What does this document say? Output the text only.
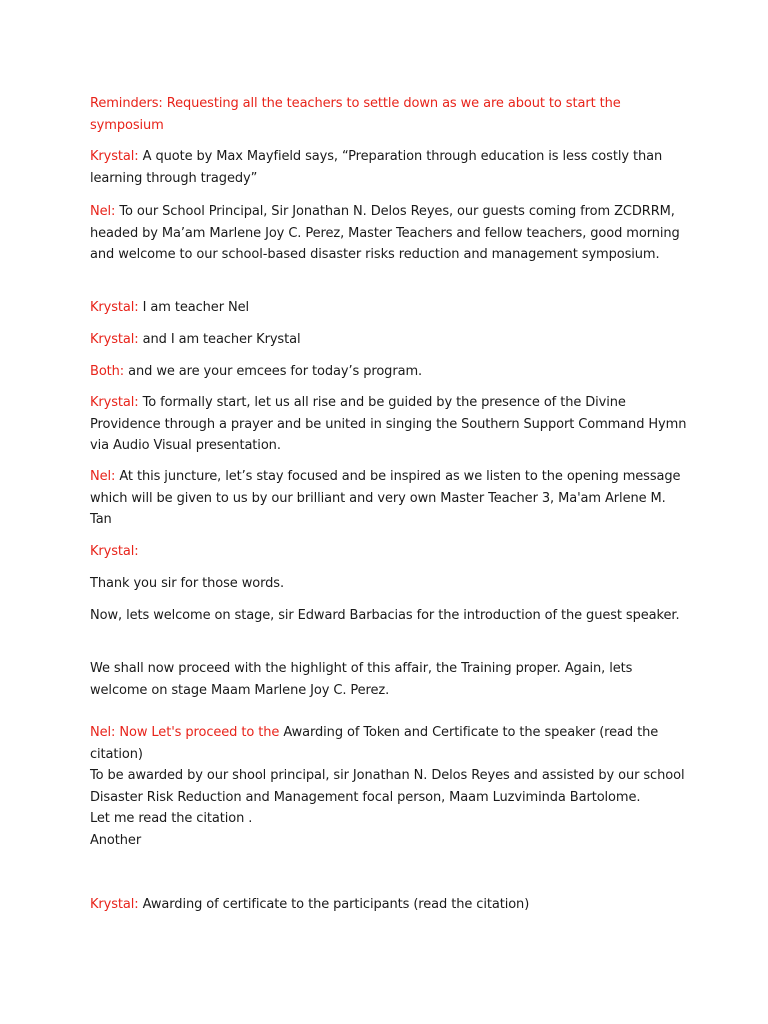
Reminders: Requesting all the teachers to settle down as we are about to start the symposium

Krystal: A quote by Max Mayfield says, “Preparation through education is less costly than learning through tragedy”

Nel: To our School Principal, Sir Jonathan N. Delos Reyes, our guests coming from ZCDRRM, headed by Ma’am Marlene Joy C. Perez, Master Teachers and fellow teachers, good morning and welcome to our school-based disaster risks reduction and management symposium.

Krystal: I am teacher Nel

Krystal: and I am teacher Krystal

Both: and we are your emcees for today’s program.

Krystal: To formally start, let us all rise and be guided by the presence of the Divine Providence through a prayer and be united in singing the Southern Support Command Hymn via Audio Visual presentation.

Nel: At this juncture, let’s stay focused and be inspired as we listen to the opening message which will be given to us by our brilliant and very own Master Teacher 3, Ma'am Arlene M. Tan

Krystal:

Thank you sir for those words.

Now, lets welcome on stage, sir Edward Barbacias for the introduction of the guest speaker.

We shall now proceed with the highlight of this affair, the Training proper. Again, lets welcome on stage Maam Marlene Joy C. Perez.

Nel: Now Let's proceed to the Awarding of Token and Certificate to the speaker (read the citation)
To be awarded by our shool principal, sir Jonathan N. Delos Reyes and assisted by our school Disaster Risk Reduction and Management focal person, Maam Luzviminda Bartolome.
Let me read the citation .
Another

Krystal: Awarding of certificate to the participants (read the citation)
